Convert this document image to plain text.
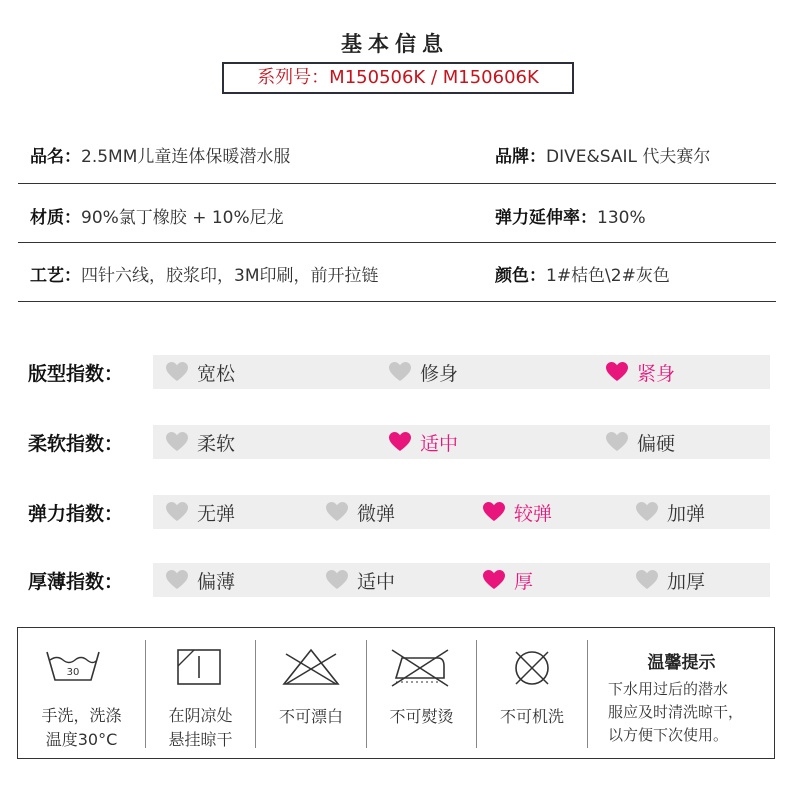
基本信息
系列号：M150506K / M150606K
品名：2.5MM儿童连体保暖潜水服	品牌：DIVE&SAIL 代夫赛尔
材质：90%氯丁橡胶 + 10%尼龙	弹力延伸率：130%
工艺：四针六线，胶浆印，3M印刷，前开拉链	颜色：1#桔色\2#灰色
版型指数：	宽松	修身	紧身
柔软指数：	柔软	适中	偏硬
弹力指数：	无弹	微弹	较弹	加弹
厚薄指数：	偏薄	适中	厚	加厚
30
手洗，洗涤
温度30°C
在阴凉处
悬挂晾干
不可漂白	不可熨烫	不可机洗
温馨提示
下水用过后的潜水
服应及时清洗晾干，
以方便下次使用。
